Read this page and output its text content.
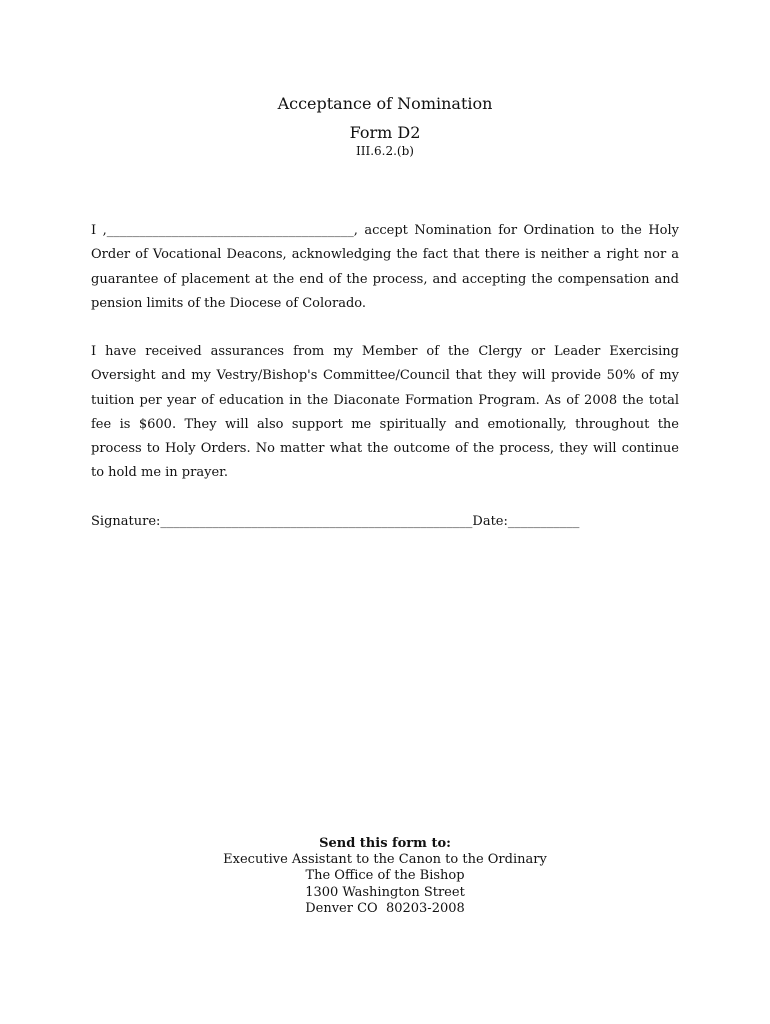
Acceptance of Nomination
Form D2
III.6.2.(b)

I ,______________________________________, accept Nomination for Ordination to the Holy Order of Vocational Deacons, acknowledging the fact that there is neither a right nor a guarantee of placement at the end of the process, and accepting the compensation and pension limits of the Diocese of Colorado.

I have received assurances from my Member of the Clergy or Leader Exercising Oversight and my Vestry/Bishop's Committee/Council that they will provide 50% of my tuition per year of education in the Diaconate Formation Program. As of 2008 the total fee is $600. They will also support me spiritually and emotionally, throughout the process to Holy Orders. No matter what the outcome of the process, they will continue to hold me in prayer.

Signature:________________________________________________Date:___________
Send this form to:
Executive Assistant to the Canon to the Ordinary
The Office of the Bishop
1300 Washington Street
Denver CO  80203-2008
